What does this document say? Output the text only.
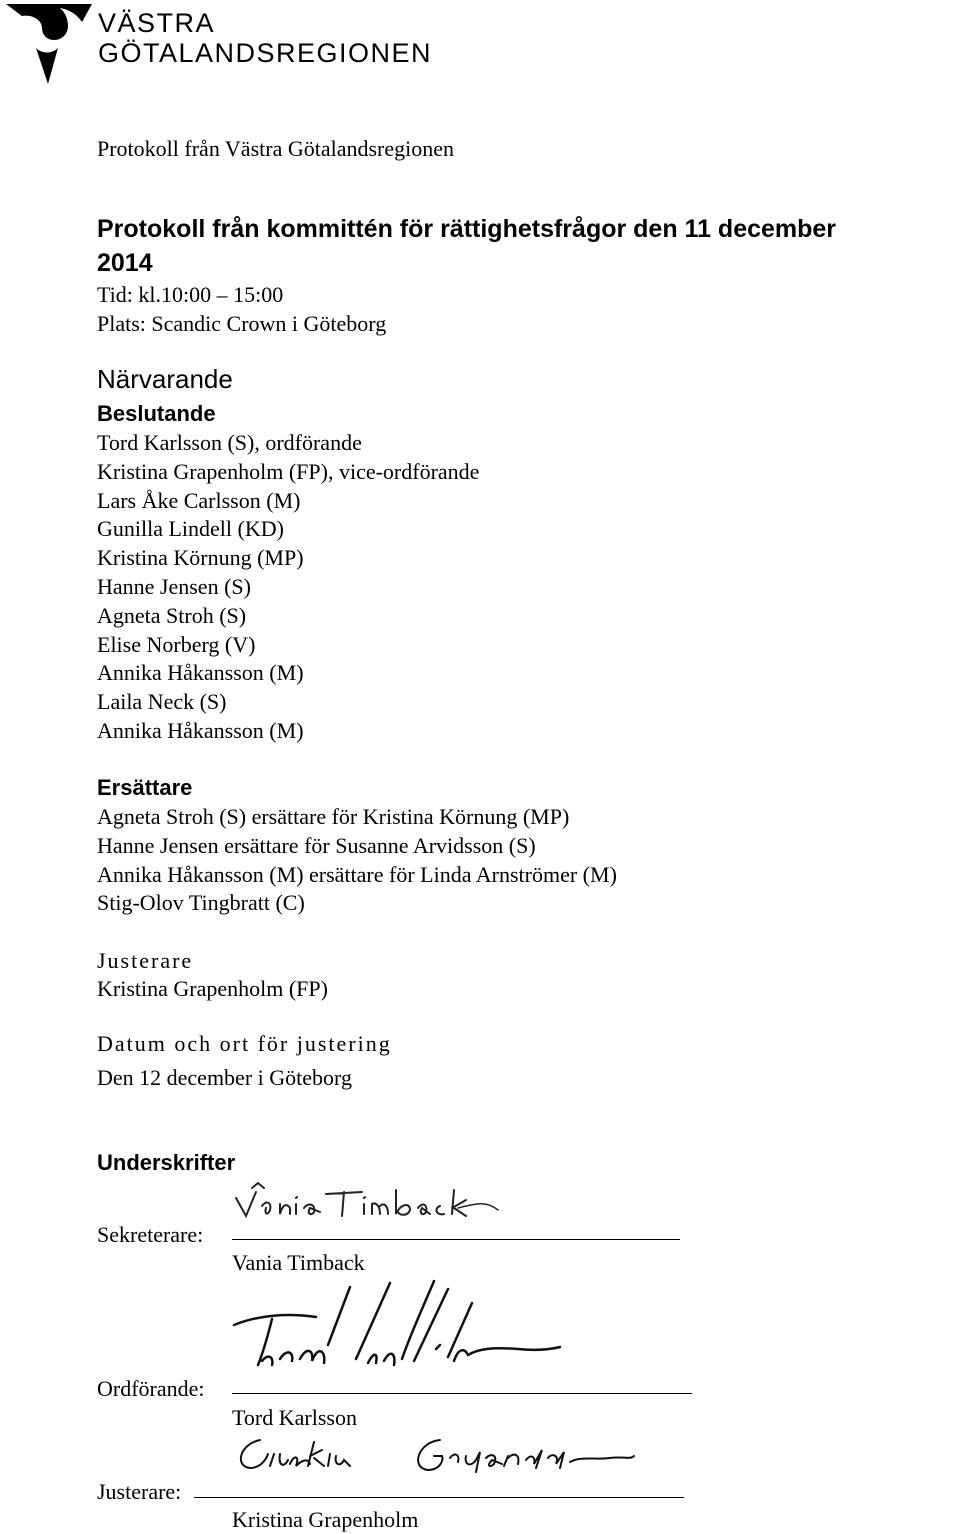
VÄSTRA
GÖTALANDSREGIONEN
Protokoll från Västra Götalandsregionen
Protokoll från kommittén för rättighetsfrågor den 11 december
2014
Tid: kl.10:00 – 15:00
Plats: Scandic Crown i Göteborg
Närvarande
Beslutande
Tord Karlsson (S), ordförande
Kristina Grapenholm (FP), vice-ordförande
Lars Åke Carlsson (M)
Gunilla Lindell (KD)
Kristina Körnung (MP)
Hanne Jensen (S)
Agneta Stroh (S)
Elise Norberg (V)
Annika Håkansson (M)
Laila Neck (S)
Annika Håkansson (M)
Ersättare
Agneta Stroh (S) ersättare för Kristina Körnung (MP)
Hanne Jensen ersättare för Susanne Arvidsson (S)
Annika Håkansson (M) ersättare för Linda Arnströmer (M)
Stig-Olov Tingbratt (C)
Justerare
Kristina Grapenholm (FP)
Datum och ort för justering
Den 12 december i Göteborg
Underskrifter
Sekreterare:
Vania Timback
Ordförande:
Tord Karlsson
Justerare:
Kristina Grapenholm
